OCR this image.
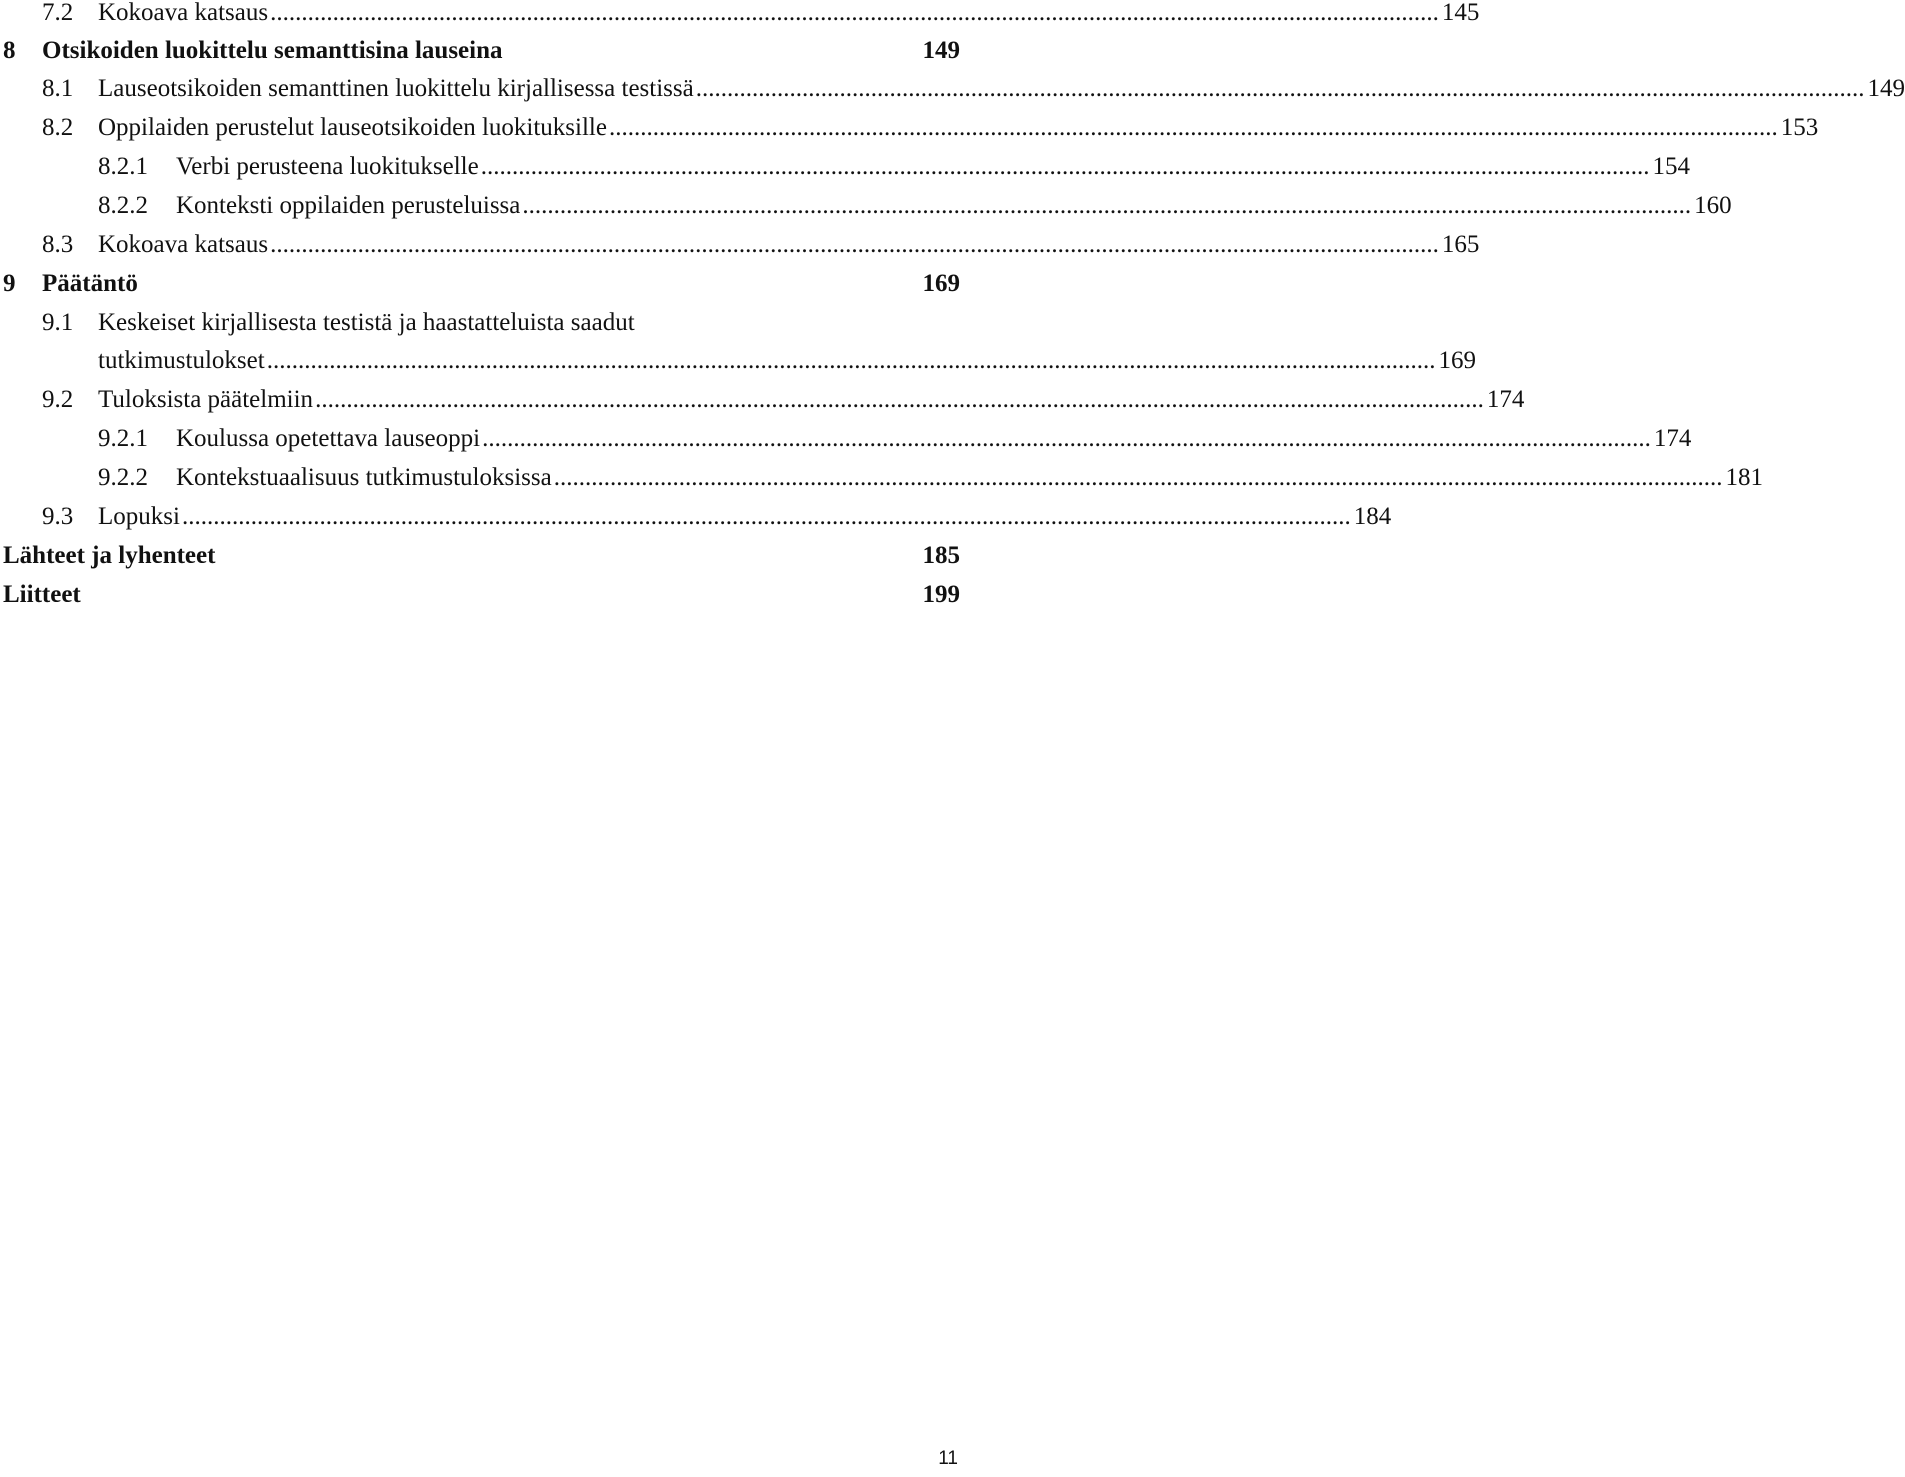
7.2 Kokoava katsaus ........................................................................................................................................................................................... 145
8	Otsikoiden luokittelu semanttisina lauseina	149
8.1 Lauseotsikoiden semanttinen luokittelu kirjallisessa testissä ........................................................................................................................................................................................... 149
8.2 Oppilaiden perustelut lauseotsikoiden luokituksille ........................................................................................................................................................................................... 153
8.2.1	Verbi perusteena luokitukselle ........................................................................................................................................................................................... 154
8.2.2	Konteksti oppilaiden perusteluissa ........................................................................................................................................................................................... 160
8.3 Kokoava katsaus ........................................................................................................................................................................................... 165
9	Päätäntö	169
9.1 Keskeiset kirjallisesta testistä ja haastatteluista saadut
tutkimustulokset ........................................................................................................................................................................................... 169
9.2 Tuloksista päätelmiin ........................................................................................................................................................................................... 174
9.2.1	Koulussa opetettava lauseoppi ........................................................................................................................................................................................... 174
9.2.2	Kontekstuaalisuus tutkimustuloksissa ........................................................................................................................................................................................... 181
9.3 Lopuksi ........................................................................................................................................................................................... 184
Lähteet ja lyhenteet	185
Liitteet	199
11
